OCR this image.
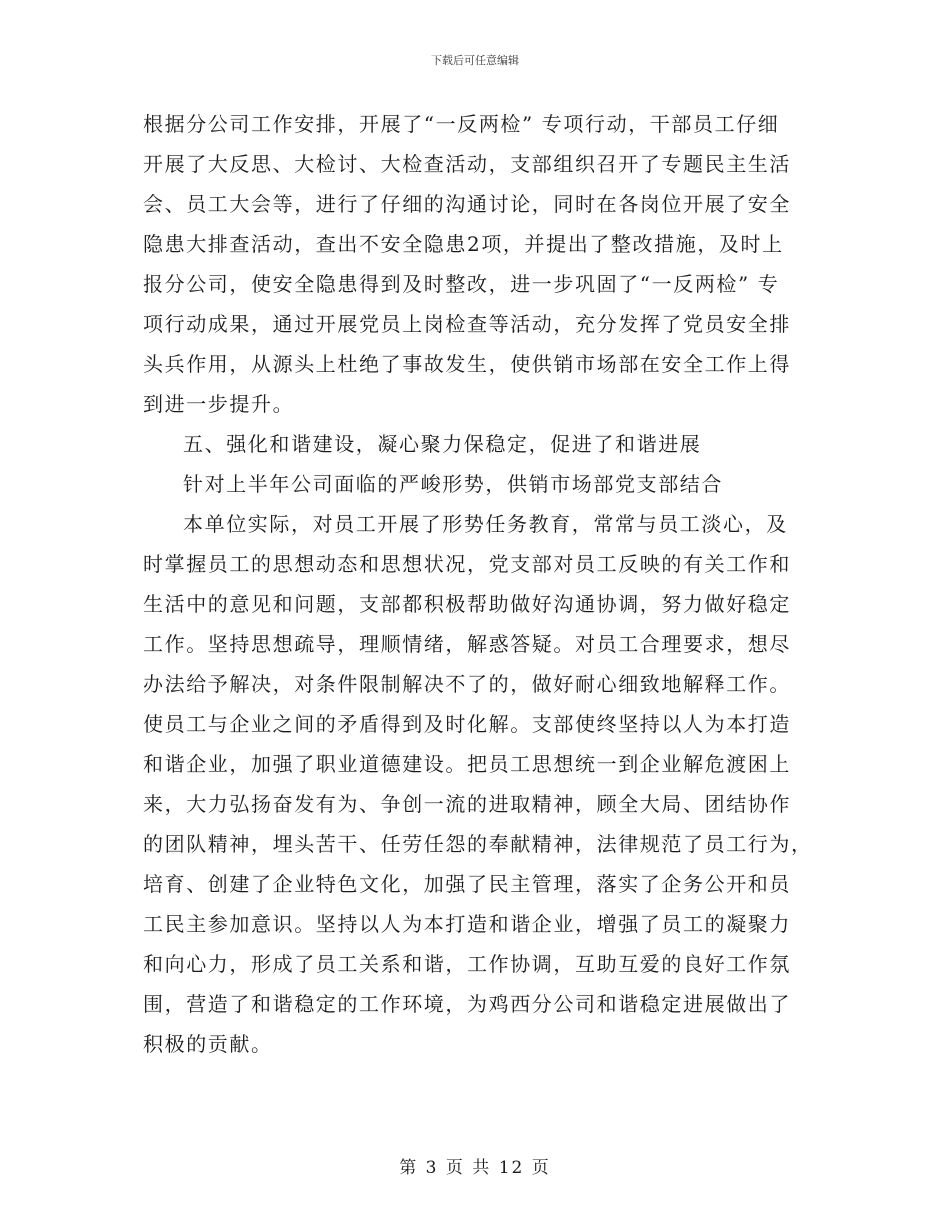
下载后可任意编辑
根据分公司工作安排，开展了“一反两检” 专项行动，干部员工仔细
开展了大反思、大检讨、大检查活动，支部组织召开了专题民主生活
会、员工大会等，进行了仔细的沟通讨论，同时在各岗位开展了安全
隐患大排查活动，查出不安全隐患2项，并提出了整改措施，及时上
报分公司，使安全隐患得到及时整改，进一步巩固了“一反两检” 专
项行动成果，通过开展党员上岗检查等活动，充分发挥了党员安全排
头兵作用，从源头上杜绝了事故发生，使供销市场部在安全工作上得
到进一步提升。
五、强化和谐建设，凝心聚力保稳定，促进了和谐进展
针对上半年公司面临的严峻形势，供销市场部党支部结合
本单位实际，对员工开展了形势任务教育，常常与员工淡心，及
时掌握员工的思想动态和思想状况，党支部对员工反映的有关工作和
生活中的意见和问题，支部都积极帮助做好沟通协调，努力做好稳定
工作。坚持思想疏导，理顺情绪，解惑答疑。对员工合理要求，想尽
办法给予解决，对条件限制解决不了的，做好耐心细致地解释工作。
使员工与企业之间的矛盾得到及时化解。支部使终坚持以人为本打造
和谐企业，加强了职业道德建设。把员工思想统一到企业解危渡困上
来，大力弘扬奋发有为、争创一流的进取精神，顾全大局、团结协作
的团队精神，埋头苦干、任劳任怨的奉献精神，法律规范了员工行为，
培育、创建了企业特色文化，加强了民主管理，落实了企务公开和员
工民主参加意识。坚持以人为本打造和谐企业，增强了员工的凝聚力
和向心力，形成了员工关系和谐，工作协调，互助互爱的良好工作氛
围，营造了和谐稳定的工作环境，为鸡西分公司和谐稳定进展做出了
积极的贡献。
第 3 页 共 12 页
